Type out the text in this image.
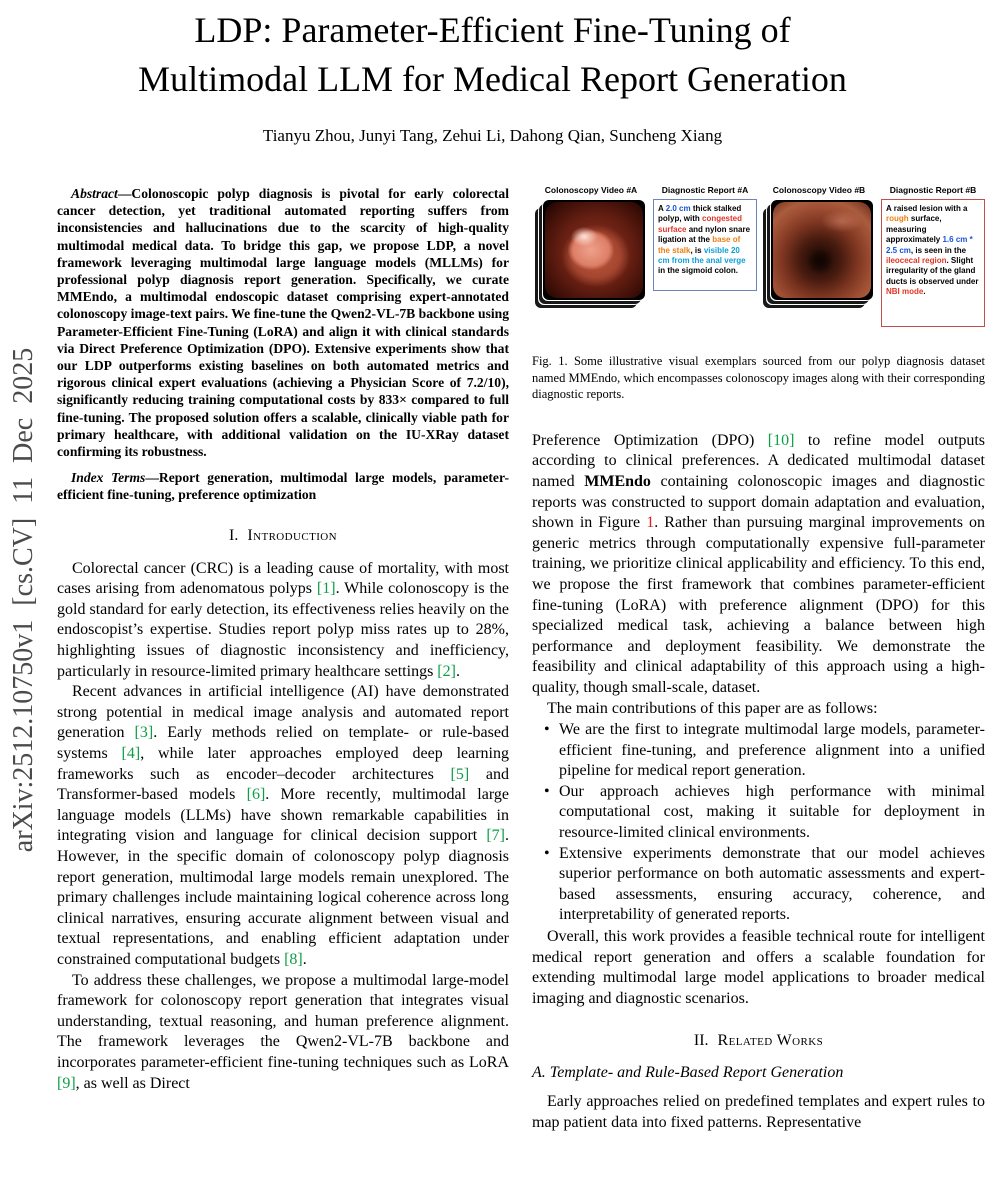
arXiv:2512.10750v1 [cs.CV] 11 Dec 2025
LDP: Parameter-Efficient Fine-Tuning of
Multimodal LLM for Medical Report Generation
Tianyu Zhou, Junyi Tang, Zehui Li, Dahong Qian, Suncheng Xiang
Abstract—Colonoscopic polyp diagnosis is pivotal for early colorectal cancer detection, yet traditional automated reporting suffers from inconsistencies and hallucinations due to the scarcity of high-quality multimodal medical data. To bridge this gap, we propose LDP, a novel framework leveraging multimodal large language models (MLLMs) for professional polyp diagnosis report generation. Specifically, we curate MMEndo, a multimodal endoscopic dataset comprising expert-annotated colonoscopy image-text pairs. We fine-tune the Qwen2-VL-7B backbone using Parameter-Efficient Fine-Tuning (LoRA) and align it with clinical standards via Direct Preference Optimization (DPO). Extensive experiments show that our LDP outperforms existing baselines on both automated metrics and rigorous clinical expert evaluations (achieving a Physician Score of 7.2/10), significantly reducing training computational costs by 833× compared to full fine-tuning. The proposed solution offers a scalable, clinically viable path for primary healthcare, with additional validation on the IU-XRay dataset confirming its robustness.
Index Terms—Report generation, multimodal large models, parameter-efficient fine-tuning, preference optimization
I. Introduction

Colorectal cancer (CRC) is a leading cause of mortality, with most cases arising from adenomatous polyps [1]. While colonoscopy is the gold standard for early detection, its effectiveness relies heavily on the endoscopist’s expertise. Studies report polyp miss rates up to 28%, highlighting issues of diagnostic inconsistency and inefficiency, particularly in resource-limited primary healthcare settings [2].

Recent advances in artificial intelligence (AI) have demonstrated strong potential in medical image analysis and automated report generation [3]. Early methods relied on template- or rule-based systems [4], while later approaches employed deep learning frameworks such as encoder–decoder architectures [5] and Transformer-based models [6]. More recently, multimodal large language models (LLMs) have shown remarkable capabilities in integrating vision and language for clinical decision support [7]. However, in the specific domain of colonoscopy polyp diagnosis report generation, multimodal large models remain unexplored. The primary challenges include maintaining logical coherence across long clinical narratives, ensuring accurate alignment between visual and textual representations, and enabling efficient adaptation under constrained computational budgets [8].

To address these challenges, we propose a multimodal large-model framework for colonoscopy report generation that integrates visual understanding, textual reasoning, and human preference alignment. The framework leverages the Qwen2-VL-7B backbone and incorporates parameter-efficient fine-tuning techniques such as LoRA [9], as well as Direct

Colonoscopy Video #A	Diagnostic Report #A
A 2.0 cm thick stalked polyp, with congested surface and nylon snare ligation at the base of the stalk, is visible 20 cm from the anal verge in the sigmoid colon.
Colonoscopy Video #B	Diagnostic Report #B
A raised lesion with a rough surface, measuring approximately 1.6 cm * 2.5 cm, is seen in the ileocecal region. Slight irregularity of the gland ducts is observed under NBI mode.
Fig. 1. Some illustrative visual exemplars sourced from our polyp diagnosis dataset named MMEndo, which encompasses colonoscopy images along with their corresponding diagnostic reports.

Preference Optimization (DPO) [10] to refine model outputs according to clinical preferences. A dedicated multimodal dataset named MMEndo containing colonoscopic images and diagnostic reports was constructed to support domain adaptation and evaluation, shown in Figure 1. Rather than pursuing marginal improvements on generic metrics through computationally expensive full-parameter training, we prioritize clinical applicability and efficiency. To this end, we propose the first framework that combines parameter-efficient fine-tuning (LoRA) with preference alignment (DPO) for this specialized medical task, achieving a balance between high performance and deployment feasibility. We demonstrate the feasibility and clinical adaptability of this approach using a high-quality, though small-scale, dataset.

The main contributions of this paper are as follows:

• We are the first to integrate multimodal large models, parameter-efficient fine-tuning, and preference alignment into a unified pipeline for medical report generation.
• Our approach achieves high performance with minimal computational cost, making it suitable for deployment in resource-limited clinical environments.
• Extensive experiments demonstrate that our model achieves superior performance on both automatic assessments and expert-based assessments, ensuring accuracy, coherence, and interpretability of generated reports.

Overall, this work provides a feasible technical route for intelligent medical report generation and offers a scalable foundation for extending multimodal large model applications to broader medical imaging and diagnostic scenarios.

II. Related Works
A. Template- and Rule-Based Report Generation

Early approaches relied on predefined templates and expert rules to map patient data into fixed patterns. Representative
